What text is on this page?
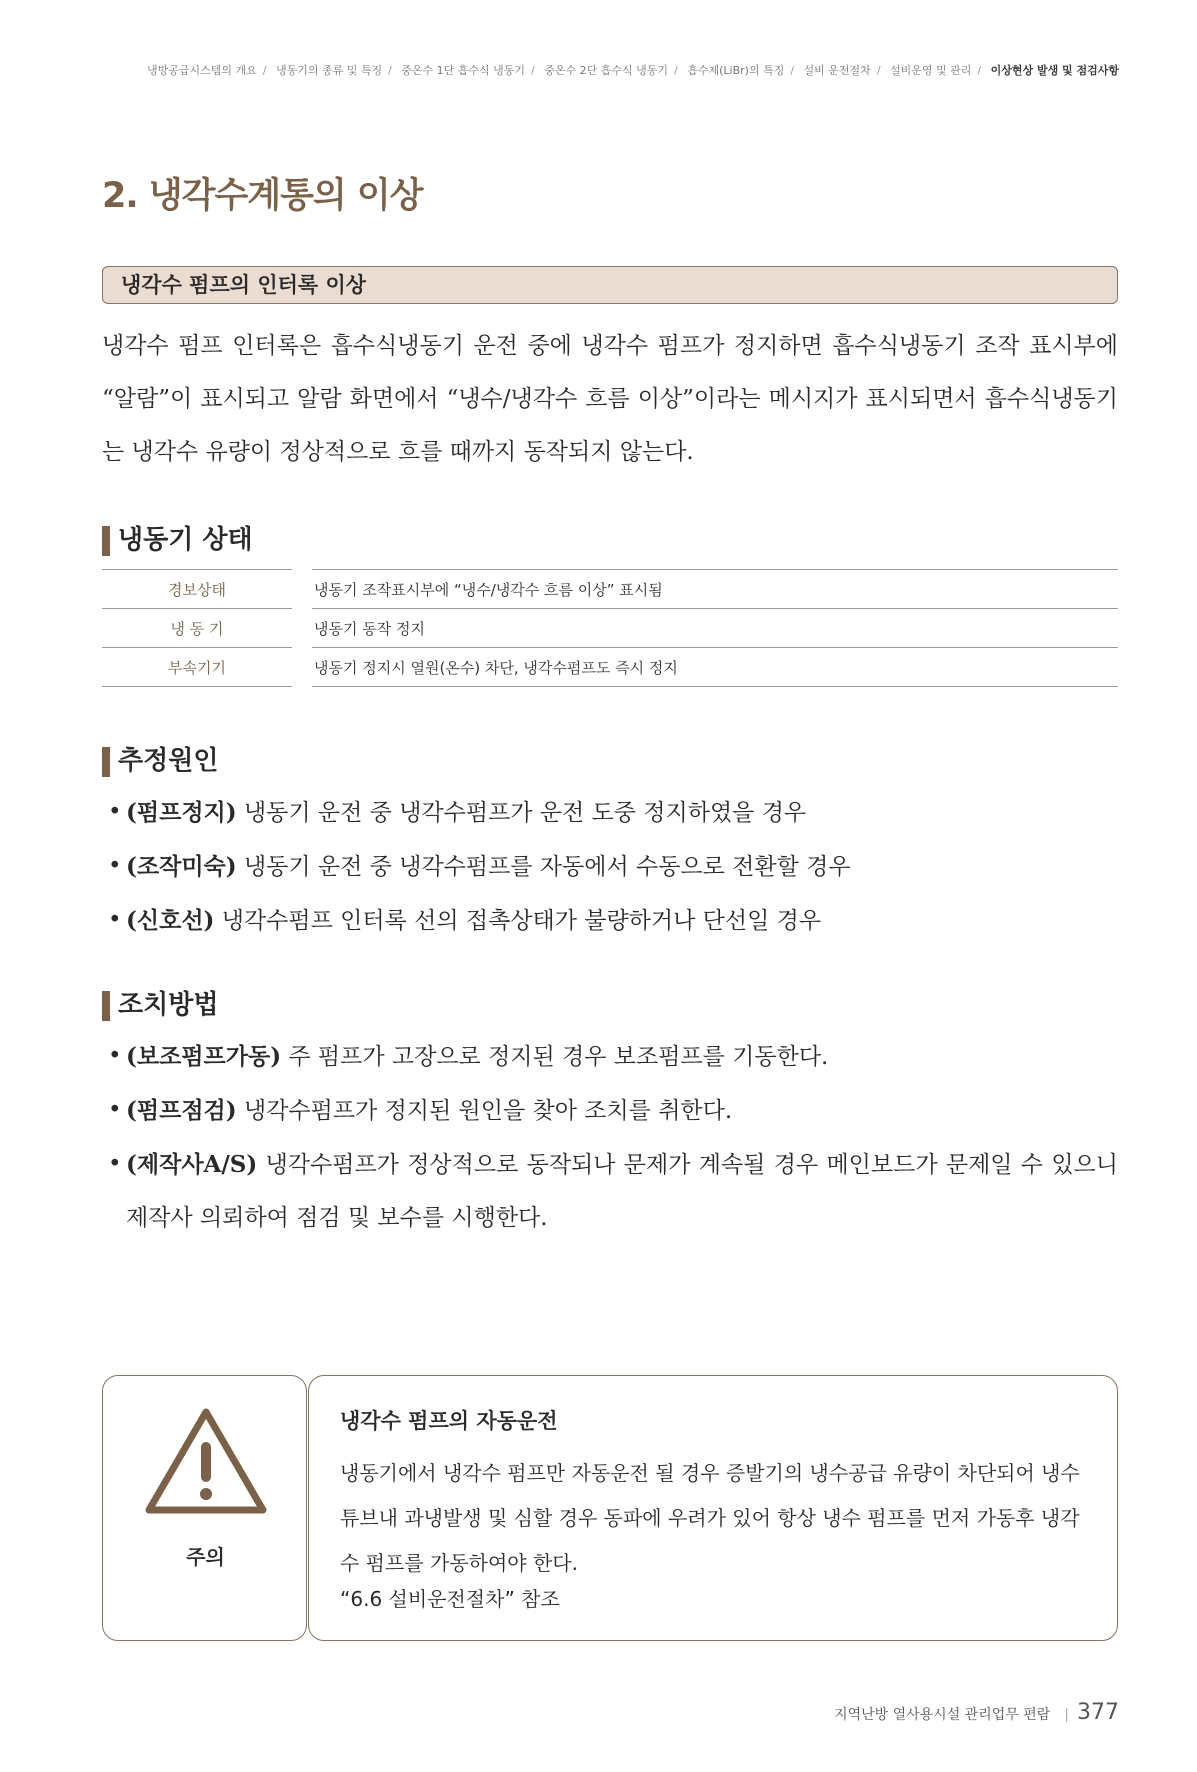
냉방공급시스템의 개요 / 냉동기의 종류 및 특징 / 중온수 1단 흡수식 냉동기 / 중온수 2단 흡수식 냉동기 / 흡수제(LiBr)의 특징 / 설비 운전절차 / 설비운영 및 관리 / 이상현상 발생 및 점검사항
2. 냉각수계통의 이상
냉각수 펌프의 인터록 이상

냉각수 펌프 인터록은 흡수식냉동기 운전 중에 냉각수 펌프가 정지하면 흡수식냉동기 조작 표시부에 “알람”이 표시되고 알람 화면에서 “냉수/냉각수 흐름 이상”이라는 메시지가 표시되면서 흡수식냉동기는 냉각수 유량이 정상적으로 흐를 때까지 동작되지 않는다.

냉동기 상태
경보상태		냉동기 조작표시부에 “냉수/냉각수 흐름 이상” 표시됨
냉 동 기		냉동기 동작 정지
부속기기		냉동기 정지시 열원(온수) 차단, 냉각수펌프도 즉시 정지
추정원인
• (펌프정지) 냉동기 운전 중 냉각수펌프가 운전 도중 정지하였을 경우
• (조작미숙) 냉동기 운전 중 냉각수펌프를 자동에서 수동으로 전환할 경우
• (신호선) 냉각수펌프 인터록 선의 접촉상태가 불량하거나 단선일 경우
조치방법
• (보조펌프가동) 주 펌프가 고장으로 정지된 경우 보조펌프를 기동한다.
• (펌프점검) 냉각수펌프가 정지된 원인을 찾아 조치를 취한다.
• (제작사A/S) 냉각수펌프가 정상적으로 동작되나 문제가 계속될 경우 메인보드가 문제일 수 있으니 제작사 의뢰하여 점검 및 보수를 시행한다.
주의
냉각수 펌프의 자동운전

냉동기에서 냉각수 펌프만 자동운전 될 경우 증발기의 냉수공급 유량이 차단되어 냉수 튜브내 과냉발생 및 심할 경우 동파에 우려가 있어 항상 냉수 펌프를 먼저 가동후 냉각수 펌프를 가동하여야 한다.

“6.6 설비운전절차” 참조
지역난방 열사용시설 관리업무 편람 | 377
